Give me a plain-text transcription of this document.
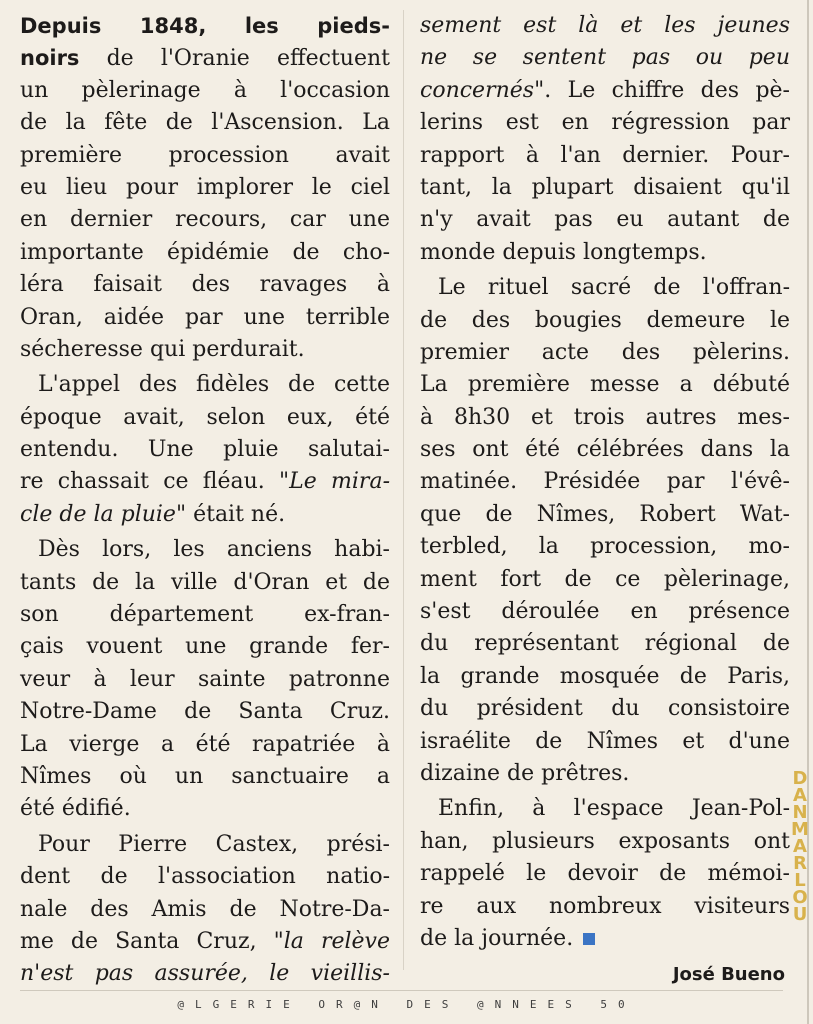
Depuis 1848, les pieds-
noirs de l'Oranie effectuent
un pèlerinage à l'occasion
de la fête de l'Ascension. La
première procession avait
eu lieu pour implorer le ciel
en dernier recours, car une
importante épidémie de cho-
léra faisait des ravages à
Oran, aidée par une terrible
sécheresse qui perdurait.
L'appel des fidèles de cette
époque avait, selon eux, été
entendu. Une pluie salutai-
re chassait ce fléau. "Le mira-
cle de la pluie" était né.
Dès lors, les anciens habi-
tants de la ville d'Oran et de
son département ex-fran-
çais vouent une grande fer-
veur à leur sainte patronne
Notre-Dame de Santa Cruz.
La vierge a été rapatriée à
Nîmes où un sanctuaire a
été édifié.
Pour Pierre Castex, prési-
dent de l'association natio-
nale des Amis de Notre-Da-
me de Santa Cruz, "la relève
n'est pas assurée, le vieillis-
sement est là et les jeunes
ne se sentent pas ou peu
concernés". Le chiffre des pè-
lerins est en régression par
rapport à l'an dernier. Pour-
tant, la plupart disaient qu'il
n'y avait pas eu autant de
monde depuis longtemps.
Le rituel sacré de l'offran-
de des bougies demeure le
premier acte des pèlerins.
La première messe a débuté
à 8h30 et trois autres mes-
ses ont été célébrées dans la
matinée. Présidée par l'évê-
que de Nîmes, Robert Wat-
terbled, la procession, mo-
ment fort de ce pèlerinage,
s'est déroulée en présence
du représentant régional de
la grande mosquée de Paris,
du président du consistoire
israélite de Nîmes et d'une
dizaine de prêtres.
Enfin, à l'espace Jean-Pol-
han, plusieurs exposants ont
rappelé le devoir de mémoi-
re aux nombreux visiteurs
de la journée.
José Bueno
@LGERIE OR@N DES @NNEES 50
D
A
N
M
A
R
L
O
U
